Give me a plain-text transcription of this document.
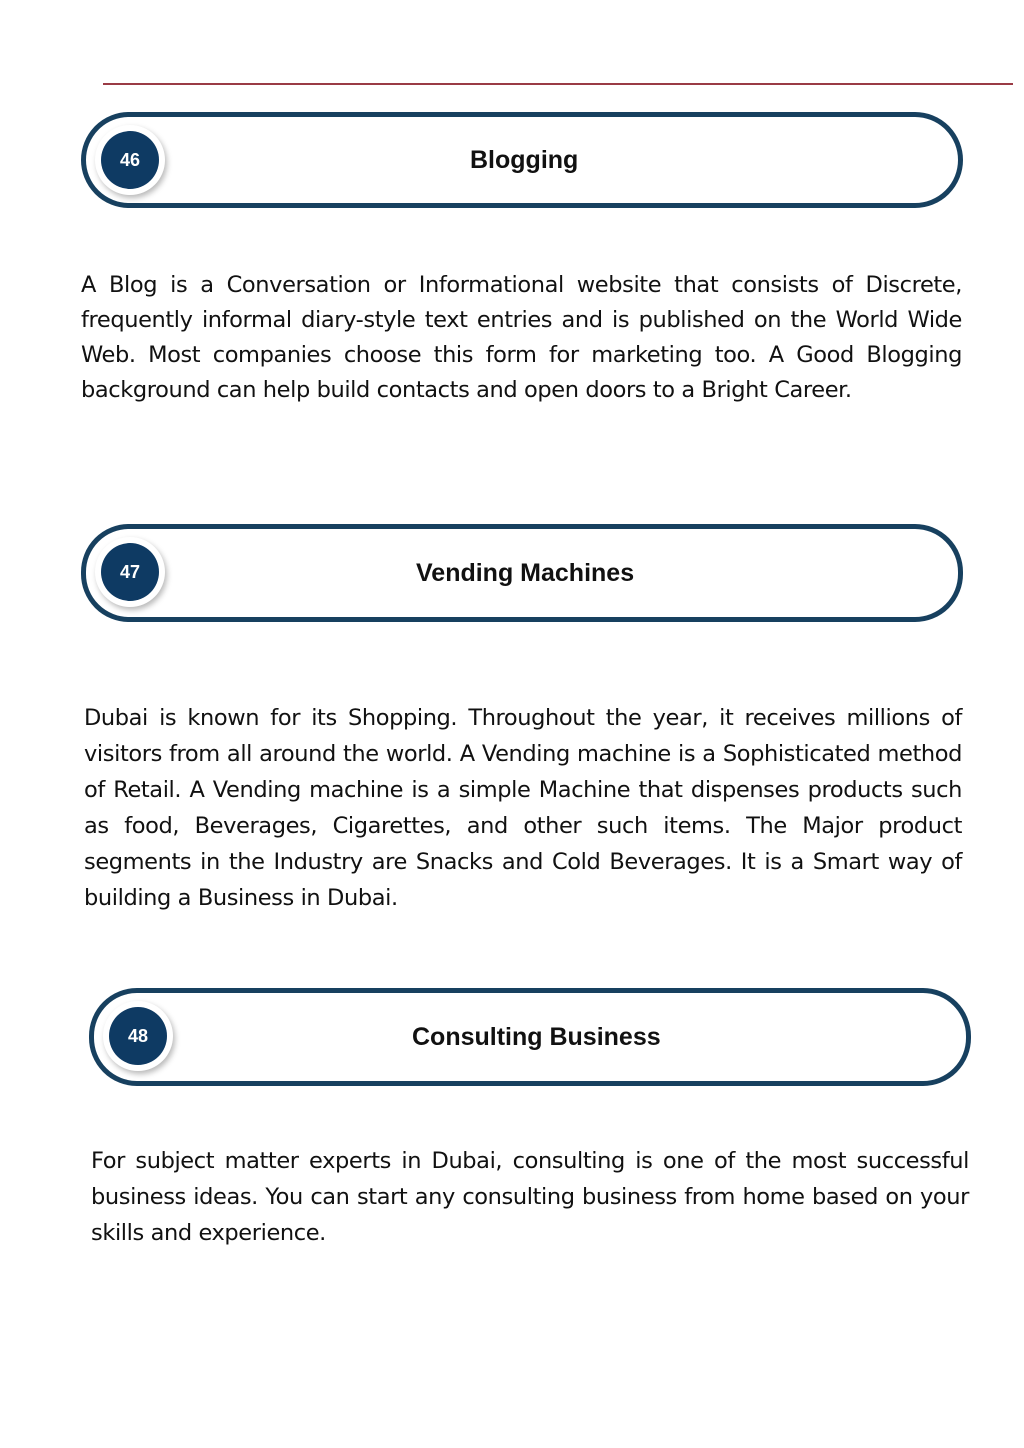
46	Blogging

A Blog is a Conversation or Informational website that consists of Discrete, frequently informal diary-style text entries and is published on the World Wide Web. Most companies choose this form for marketing too. A Good Blogging background can help build contacts and open doors to a Bright Career.

47	Vending Machines

Dubai is known for its Shopping. Throughout the year, it receives millions of visitors from all around the world. A Vending machine is a Sophisticated method of Retail. A Vending machine is a simple Machine that dispenses products such as food, Beverages, Cigarettes, and other such items. The Major product segments in the Industry are Snacks and Cold Beverages. It is a Smart way of building a Business in Dubai.

48	Consulting Business

For subject matter experts in Dubai, consulting is one of the most successful business ideas. You can start any consulting business from home based on your skills and experience.
